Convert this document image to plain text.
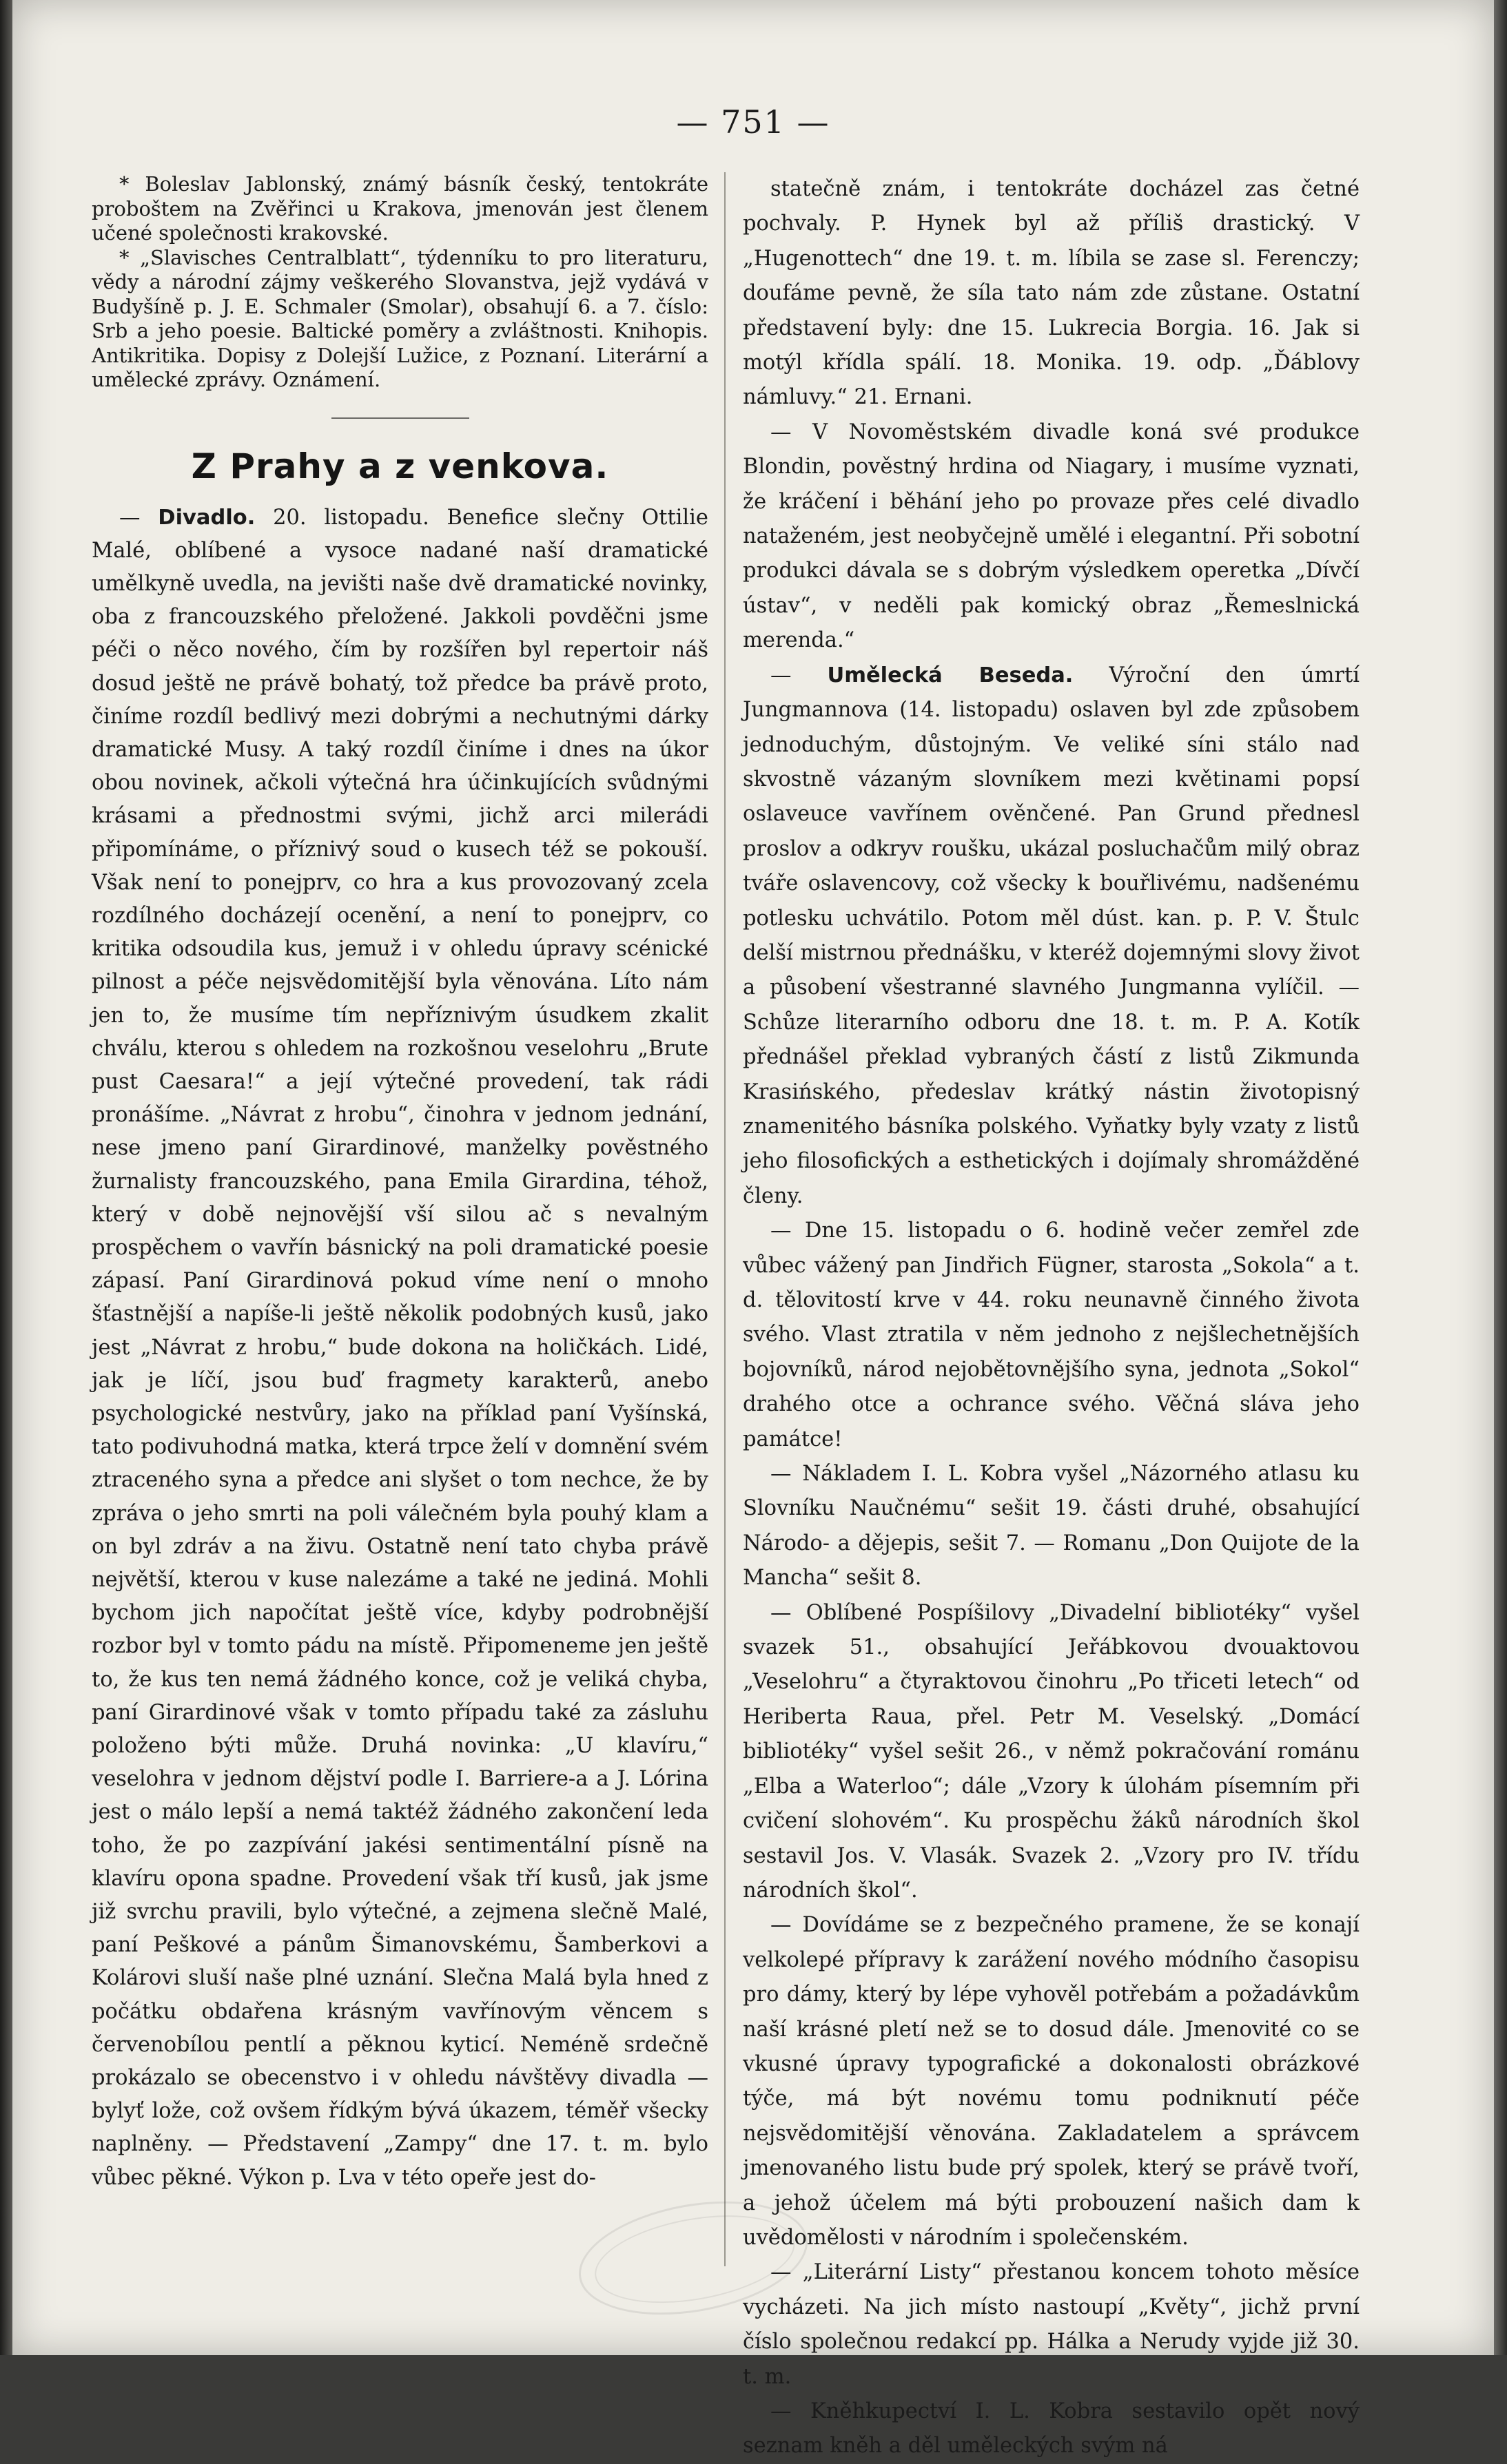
— 751 —

* Boleslav Jablonský, známý básník český, tentokráte proboštem na Zvěřinci u Krakova, jmenován jest členem učené společnosti krakovské.

* „Slavisches Centralblatt“, týdenníku to pro literaturu, vědy a národní zájmy veškerého Slovanstva, jejž vydává v Budyšíně p. J. E. Schmaler (Smolar), obsahují 6. a 7. číslo: Srb a jeho poesie. Baltické poměry a zvláštnosti. Knihopis. Antikritika. Dopisy z Dolejší Lužice, z Poznaní. Literární a umělecké zprávy. Oznámení.

Z Prahy a z venkova.

— Divadlo. 20. listopadu. Benefice slečny Ottilie Malé, oblíbené a vysoce nadané naší dramatické umělkyně uvedla, na jevišti naše dvě dramatické novinky, oba z francouzského přeložené. Jakkoli povděčni jsme péči o něco nového, čím by rozšířen byl repertoir náš dosud ještě ne právě bohatý, tož předce ba právě proto, činíme rozdíl bedlivý mezi dobrými a nechutnými dárky dramatické Musy. A taký rozdíl činíme i dnes na úkor obou novinek, ačkoli výtečná hra účinkujících svůdnými krásami a přednostmi svými, jichž arci milerádi připomínáme, o příznivý soud o kusech též se pokouší. Však není to ponejprv, co hra a kus provozovaný zcela rozdílného docházejí ocenění, a není to ponejprv, co kritika odsoudila kus, jemuž i v ohledu úpravy scénické pilnost a péče nejsvědomitější byla věnována. Líto nám jen to, že musíme tím nepříznivým úsudkem zkalit chválu, kterou s ohledem na rozkošnou veselohru „Brute pust Caesara!“ a její výtečné provedení, tak rádi pronášíme. „Návrat z hrobu“, činohra v jednom jednání, nese jmeno paní Girardinové, manželky pověstného žurnalisty francouzského, pana Emila Girardina, téhož, který v době nejnovější vší silou ač s nevalným prospěchem o vavřín básnický na poli dramatické poesie zápasí. Paní Girardinová pokud víme není o mnoho šťastnější a napíše-li ještě několik podobných kusů, jako jest „Návrat z hrobu,“ bude dokona na holičkách. Lidé, jak je líčí, jsou buď fragmety karakterů, anebo psychologické nestvůry, jako na příklad paní Vyšínská, tato podivuhodná matka, která trpce želí v domnění svém ztraceného syna a předce ani slyšet o tom nechce, že by zpráva o jeho smrti na poli válečném byla pouhý klam a on byl zdráv a na živu. Ostatně není tato chyba právě největší, kterou v kuse nalezáme a také ne jediná. Mohli bychom jich napočítat ještě více, kdyby podrobnější rozbor byl v tomto pádu na místě. Připomeneme jen ještě to, že kus ten nemá žádného konce, což je veliká chyba, paní Girardinové však v tomto případu také za zásluhu položeno býti může. Druhá novinka: „U klavíru,“ veselohra v jednom dějství podle I. Barriere-a a J. Lórina jest o málo lepší a nemá taktéž žádného zakončení leda toho, že po zazpívání jakési sentimentální písně na klavíru opona spadne. Provedení však tří kusů, jak jsme již svrchu pravili, bylo výtečné, a zejmena slečně Malé, paní Peškové a pánům Šimanovskému, Šamberkovi a Kolárovi sluší naše plné uznání. Slečna Malá byla hned z počátku obdařena krásným vavřínovým věncem s červenobílou pentlí a pěknou kyticí. Neméně srdečně prokázalo se obecenstvo i v ohledu návštěvy divadla — bylyť lože, což ovšem řídkým bývá úkazem, téměř všecky naplněny. — Představení „Zampy“ dne 17. t. m. bylo vůbec pěkné. Výkon p. Lva v této opeře jest do-

statečně znám, i tentokráte docházel zas četné pochvaly. P. Hynek byl až příliš drastický. V „Hugenottech“ dne 19. t. m. líbila se zase sl. Ferenczy; doufáme pevně, že síla tato nám zde zůstane. Ostatní představení byly: dne 15. Lukrecia Borgia. 16. Jak si motýl křídla spálí. 18. Monika. 19. odp. „Ďáblovy námluvy.“ 21. Ernani.

— V Novoměstském divadle koná své produkce Blondin, pověstný hrdina od Niagary, i musíme vyznati, že kráčení i běhání jeho po provaze přes celé divadlo nataženém, jest neobyčejně umělé i elegantní. Při sobotní produkci dávala se s dobrým výsledkem operetka „Dívčí ústav“, v neděli pak komický obraz „Řemeslnická merenda.“

— Umělecká Beseda. Výroční den úmrtí Jungmannova (14. listopadu) oslaven byl zde způsobem jednoduchým, důstojným. Ve veliké síni stálo nad skvostně vázaným slovníkem mezi květinami popsí oslaveuce vavřínem ověnčené. Pan Grund přednesl proslov a odkryv roušku, ukázal posluchačům milý obraz tváře oslavencovy, což všecky k bouřlivému, nadšenému potlesku uchvátilo. Potom měl dúst. kan. p. P. V. Štulc delší mistrnou přednášku, v kteréž dojemnými slovy život a působení všestranné slavného Jungmanna vylíčil. — Schůze literarního odboru dne 18. t. m. P. A. Kotík přednášel překlad vybraných částí z listů Zikmunda Krasińského, předeslav krátký nástin životopisný znamenitého básníka polského. Vyňatky byly vzaty z listů jeho filosofických a esthetických i dojímaly shromážděné členy.

— Dne 15. listopadu o 6. hodině večer zemřel zde vůbec vážený pan Jindřich Fügner, starosta „Sokola“ a t. d. tělovitostí krve v 44. roku neunavně činného života svého. Vlast ztratila v něm jednoho z nejšlechetnějších bojovníků, národ nejobětovnějšího syna, jednota „Sokol“ drahého otce a ochrance svého. Věčná sláva jeho památce!

— Nákladem I. L. Kobra vyšel „Názorného atlasu ku Slovníku Naučnému“ sešit 19. části druhé, obsahující Národo- a dějepis, sešit 7. — Romanu „Don Quijote de la Mancha“ sešit 8.

— Oblíbené Pospíšilovy „Divadelní bibliotéky“ vyšel svazek 51., obsahující Jeřábkovou dvouaktovou „Veselohru“ a čtyraktovou činohru „Po třiceti letech“ od Heriberta Raua, přel. Petr M. Veselský. „Domácí bibliotéky“ vyšel sešit 26., v němž pokračování románu „Elba a Waterloo“; dále „Vzory k úlohám písemním při cvičení slohovém“. Ku prospěchu žáků národních škol sestavil Jos. V. Vlasák. Svazek 2. „Vzory pro IV. třídu národních škol“.

— Dovídáme se z bezpečného pramene, že se konají velkolepé přípravy k zarážení nového módního časopisu pro dámy, který by lépe vyhověl potřebám a požadávkům naší krásné pletí než se to dosud dále. Jmenovité co se vkusné úpravy typografické a dokonalosti obrázkové týče, má být novému tomu podniknutí péče nejsvědomitější věnována. Zakladatelem a správcem jmenovaného listu bude prý spolek, který se právě tvoří, a jehož účelem má býti probouzení našich dam k uvědomělosti v národním i společenském.

— „Literární Listy“ přestanou koncem tohoto měsíce vycházeti. Na jich místo nastoupí „Květy“, jichž první číslo společnou redakcí pp. Hálka a Nerudy vyjde již 30. t. m.

— Kněhkupectví I. L. Kobra sestavilo opět nový seznam kněh a děl uměleckých svým ná
